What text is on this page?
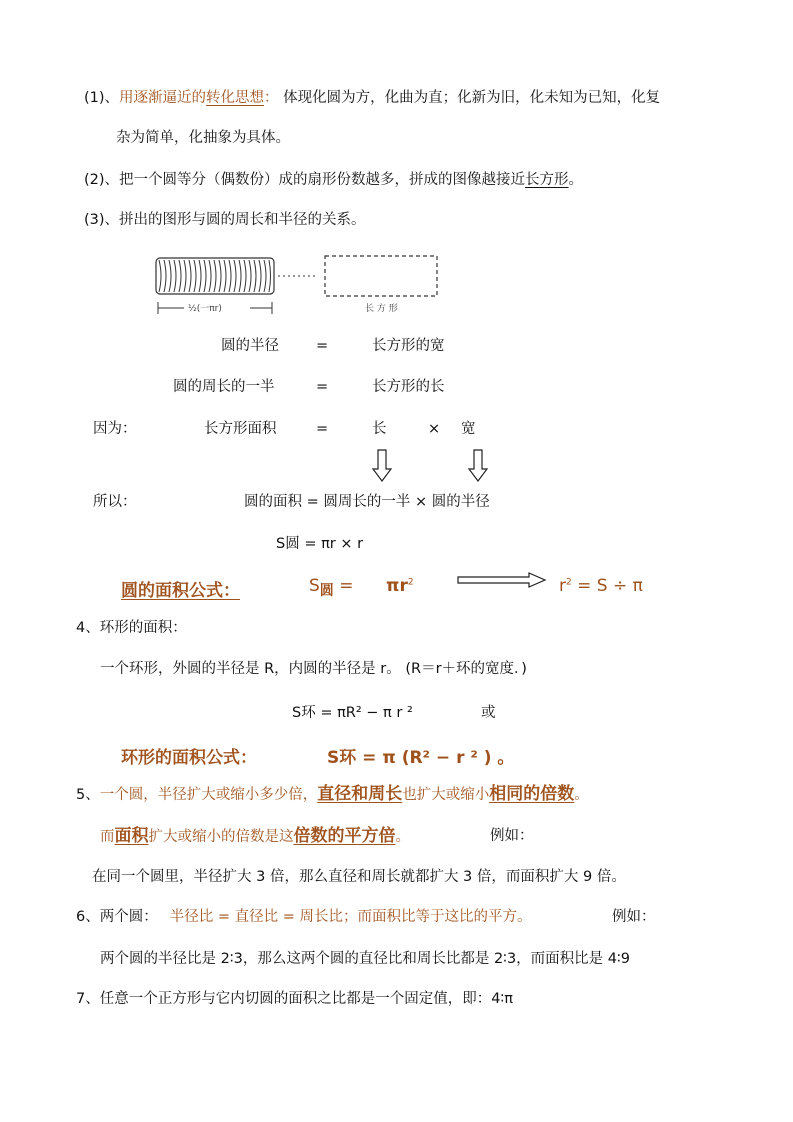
(1)、用逐渐逼近的转化思想： 体现化圆为方，化曲为直；化新为旧，化未知为已知，化复
杂为简单，化抽象为具体。
(2)、把一个圆等分（偶数份）成的扇形份数越多，拼成的图像越接近长方形。
(3)、拼出的图形与圆的周长和半径的关系。
½(一πr)	长 方 形
圆的半径	=	长方形的宽
圆的周长的一半	=	长方形的长
因为：	长方形面积	=	长	× 宽
所以：	圆的面积 = 圆周长的一半 × 圆的半径
S圆 = πr × r
圆的面积公式：	$S_圆 = \pi r^2$	$r^2 = S \div \pi$
4、环形的面积：
一个环形，外圆的半径是 R，内圆的半径是 r。 (R＝r＋环的宽度．)
S环 = πR² − π r ²	或
环形的面积公式：	S环 = π (R² − r ² ) 。
5、一个圆，半径扩大或缩小多少倍，直径和周长也扩大或缩小相同的倍数。
而面积扩大或缩小的倍数是这倍数的平方倍。	例如：
在同一个圆里，半径扩大 3 倍，那么直径和周长就都扩大 3 倍，而面积扩大 9 倍。
6、两个圆： 半径比 = 直径比 = 周长比；而面积比等于这比的平方。	例如：
两个圆的半径比是 2∶3，那么这两个圆的直径比和周长比都是 2∶3，而面积比是 4∶9
7、任意一个正方形与它内切圆的面积之比都是一个固定值，即：4∶π
